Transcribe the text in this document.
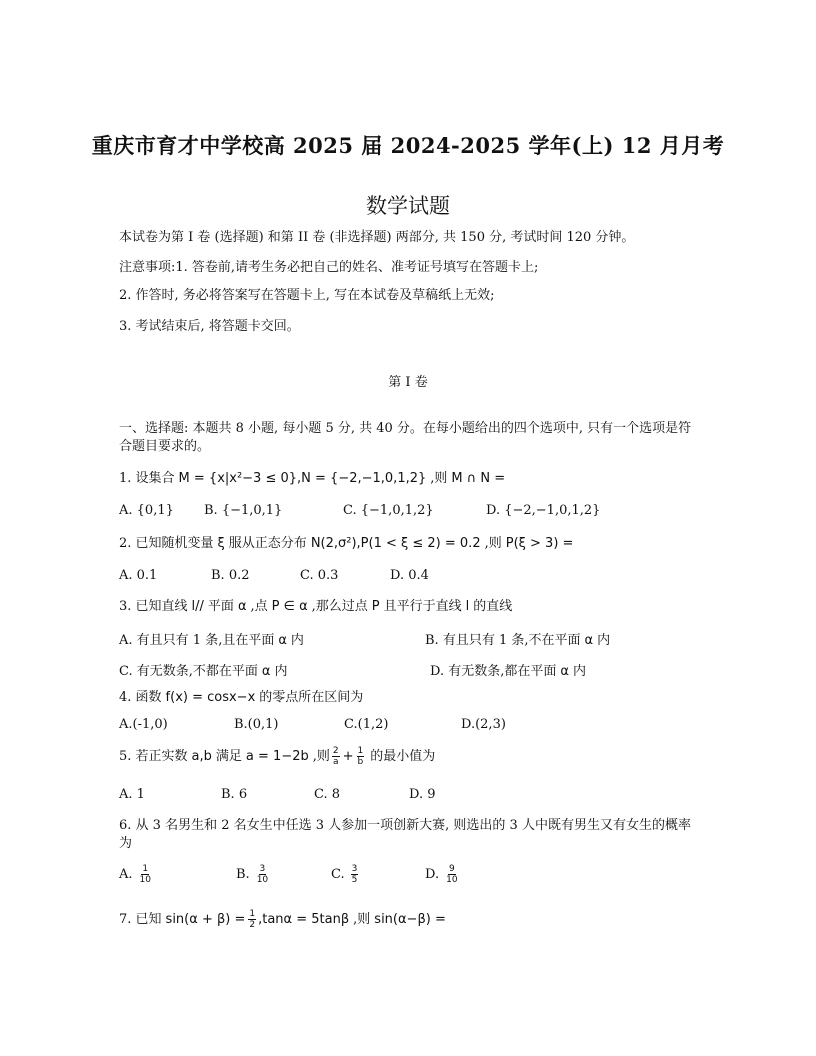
重庆市育才中学校高 2025 届 2024-2025 学年(上) 12 月月考
数学试题
本试卷为第 I 卷 (选择题) 和第 II 卷 (非选择题) 两部分, 共 150 分, 考试时间 120 分钟。
注意事项:1. 答卷前,请考生务必把自己的姓名、准考证号填写在答题卡上;
2. 作答时, 务必将答案写在答题卡上, 写在本试卷及草稿纸上无效;
3. 考试结束后, 将答题卡交回。
第 I 卷
一、选择题: 本题共 8 小题, 每小题 5 分, 共 40 分。在每小题给出的四个选项中, 只有一个选项是符合题目要求的。
1. 设集合 M = {x|x²−3 ≤ 0},N = {−2,−1,0,1,2} ,则 M ∩ N =
A. {0,1} B. {−1,0,1}	C. {−1,0,1,2}	D. {−2,−1,0,1,2}
2. 已知随机变量 ξ 服从正态分布 N(2,σ²),P(1 < ξ ≤ 2) = 0.2 ,则 P(ξ > 3) =
A. 0.1	B. 0.2	C. 0.3	D. 0.4
3. 已知直线 l// 平面 α ,点 P ∈ α ,那么过点 P 且平行于直线 l 的直线
A. 有且只有 1 条,且在平面 α 内	B. 有且只有 1 条,不在平面 α 内
C. 有无数条,不都在平面 α 内	D. 有无数条,都在平面 α 内
4. 函数 f(x) = cosx−x 的零点所在区间为
A.(-1,0)	B.(0,1)	C.(1,2)	D.(2,3)
5. 若正实数 a,b 满足 a = 1−2b ,则 $\frac{2}{a} + \frac{1}{b}$ 的最小值为
A. 1	B. 6	C. 8	D. 9
6. 从 3 名男生和 2 名女生中任选 3 人参加一项创新大赛, 则选出的 3 人中既有男生又有女生的概率为
A. $\frac{1}{10}$	B. $\frac{3}{10}$	C. $\frac{3}{5}$	D. $\frac{9}{10}$
7. 已知 $\sin(\alpha + \beta) = \frac{1}{2} ,\tan\alpha = 5\tan\beta$ ,则 sin(α−β) =
